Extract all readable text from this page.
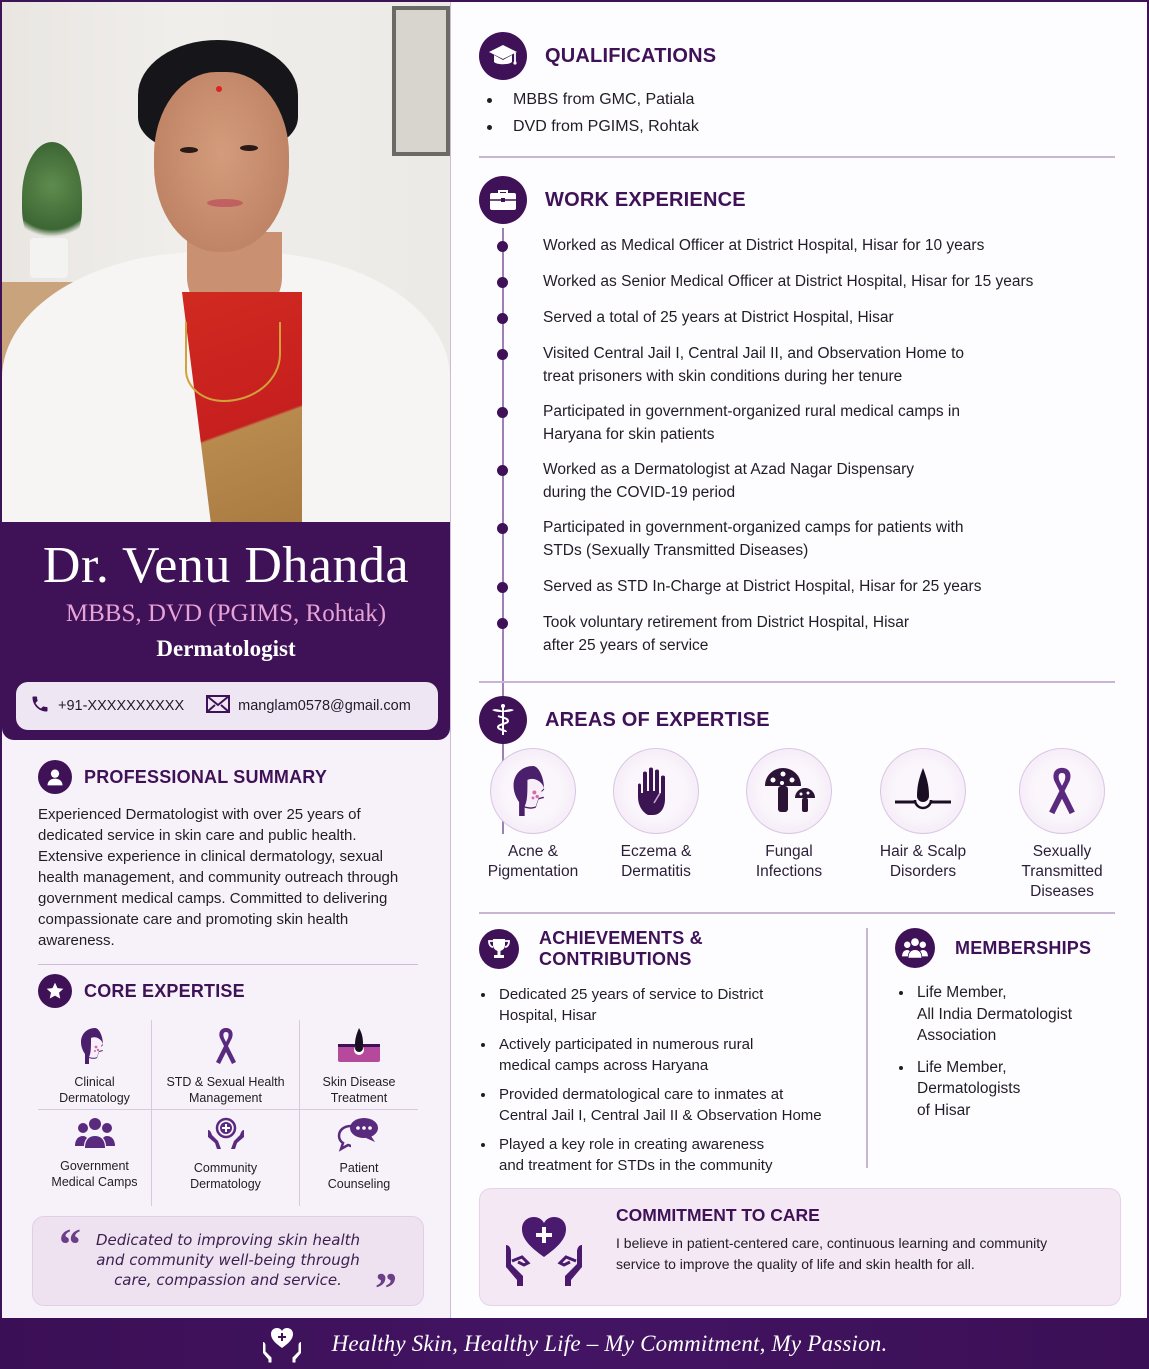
Dr. Venu Dhanda
MBBS, DVD (PGIMS, Rohtak)
Dermatologist
+91-XXXXXXXXXX	manglam0578@gmail.com
PROFESSIONAL SUMMARY

Experienced Dermatologist with over 25 years of dedicated service in skin care and public health. Extensive experience in clinical dermatology, sexual health management, and community outreach through government medical camps. Committed to delivering compassionate care and promoting skin health awareness.

CORE EXPERTISE
Clinical Dermatology
STD & Sexual Health Management
Skin Disease Treatment
Government Medical Camps
Community Dermatology
Patient Counseling
“ Dedicated to improving skin health and community well-being through care, compassion and service. ”
QUALIFICATIONS
MBBS from GMC, Patiala
DVD from PGIMS, Rohtak
WORK EXPERIENCE
Worked as Medical Officer at District Hospital, Hisar for 10 years
Worked as Senior Medical Officer at District Hospital, Hisar for 15 years
Served a total of 25 years at District Hospital, Hisar
Visited Central Jail I, Central Jail II, and Observation Home to
treat prisoners with skin conditions during her tenure
Participated in government-organized rural medical camps in
Haryana for skin patients
Worked as a Dermatologist at Azad Nagar Dispensary
during the COVID-19 period
Participated in government-organized camps for patients with
STDs (Sexually Transmitted Diseases)
Served as STD In-Charge at District Hospital, Hisar for 25 years
Took voluntary retirement from District Hospital, Hisar
after 25 years of service
AREAS OF EXPERTISE
Acne &
Pigmentation
Eczema &
Dermatitis
Fungal
Infections
Hair & Scalp
Disorders
Sexually
Transmitted
Diseases
ACHIEVEMENTS & CONTRIBUTIONS
Dedicated 25 years of service to District
Hospital, Hisar
Actively participated in numerous rural
medical camps across Haryana
Provided dermatological care to inmates at
Central Jail I, Central Jail II & Observation Home
Played a key role in creating awareness
and treatment for STDs in the community
MEMBERSHIPS
Life Member,
All India Dermatologist
Association
Life Member,
Dermatologists
of Hisar
COMMITMENT TO CARE
I believe in patient-centered care, continuous learning and community service to improve the quality of life and skin health for all.
Healthy Skin, Healthy Life – My Commitment, My Passion.
